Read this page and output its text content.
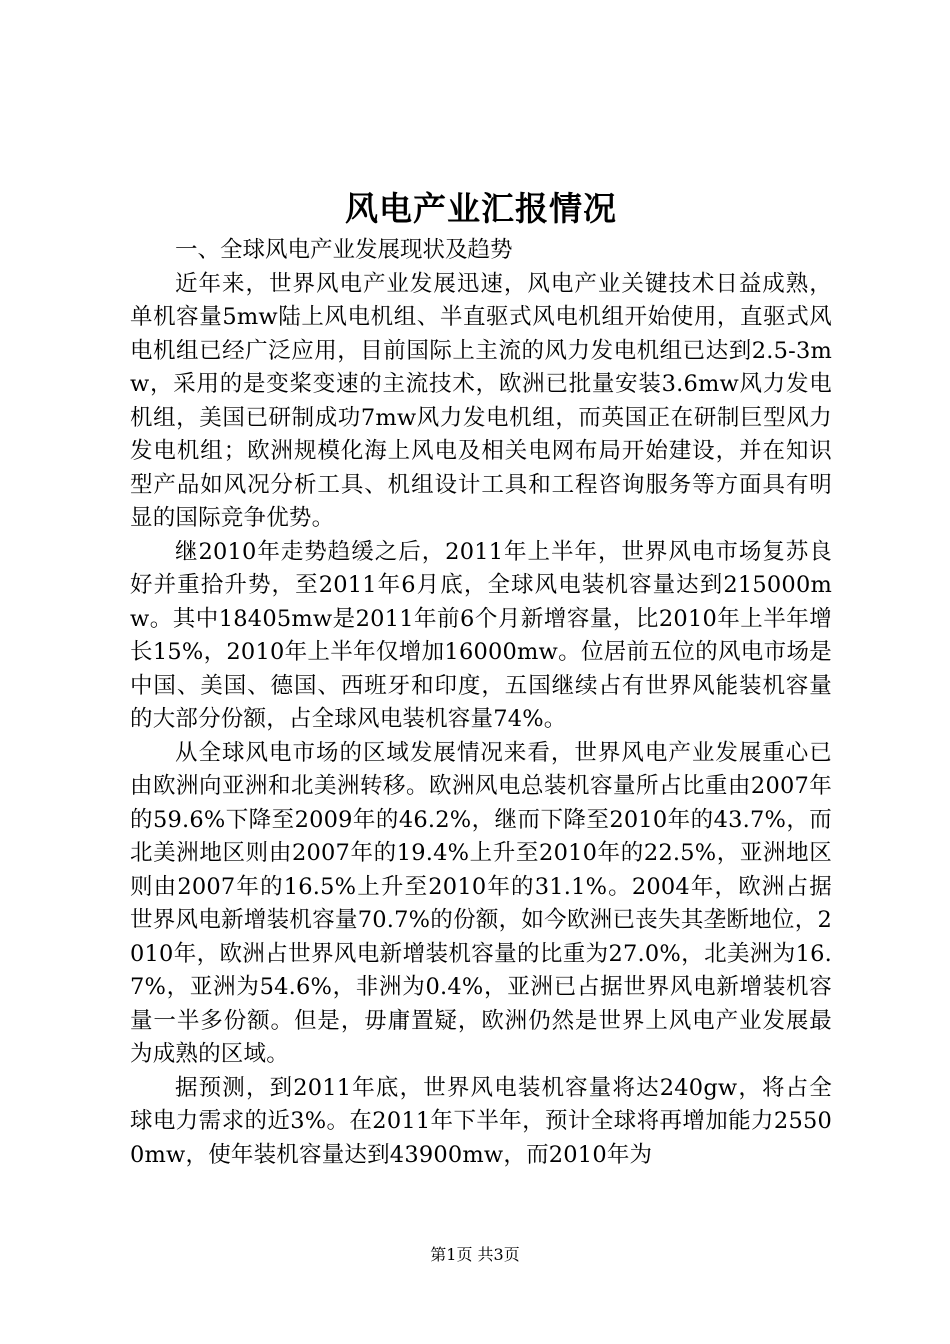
风电产业汇报情况

一、全球风电产业发展现状及趋势

近年来，世界风电产业发展迅速，风电产业关键技术日益成熟，单机容量5mw陆上风电机组、半直驱式风电机组开始使用，直驱式风电机组已经广泛应用，目前国际上主流的风力发电机组已达到2.5-3mw，采用的是变桨变速的主流技术，欧洲已批量安装3.6mw风力发电机组，美国已研制成功7mw风力发电机组，而英国正在研制巨型风力发电机组；欧洲规模化海上风电及相关电网布局开始建设，并在知识型产品如风况分析工具、机组设计工具和工程咨询服务等方面具有明显的国际竞争优势。

继2010年走势趋缓之后，2011年上半年，世界风电市场复苏良好并重拾升势，至2011年6月底，全球风电装机容量达到215000mw。其中18405mw是2011年前6个月新增容量，比2010年上半年增长15%，2010年上半年仅增加16000mw。位居前五位的风电市场是中国、美国、德国、西班牙和印度，五国继续占有世界风能装机容量的大部分份额，占全球风电装机容量74%。

从全球风电市场的区域发展情况来看，世界风电产业发展重心已由欧洲向亚洲和北美洲转移。欧洲风电总装机容量所占比重由2007年的59.6%下降至2009年的46.2%，继而下降至2010年的43.7%，而北美洲地区则由2007年的19.4%上升至2010年的22.5%，亚洲地区则由2007年的16.5%上升至2010年的31.1%。2004年，欧洲占据世界风电新增装机容量70.7%的份额，如今欧洲已丧失其垄断地位，2010年，欧洲占世界风电新增装机容量的比重为27.0%，北美洲为16.7%，亚洲为54.6%，非洲为0.4%，亚洲已占据世界风电新增装机容量一半多份额。但是，毋庸置疑，欧洲仍然是世界上风电产业发展最为成熟的区域。

据预测，到2011年底，世界风电装机容量将达240gw，将占全球电力需求的近3%。在2011年下半年，预计全球将再增加能力25500mw，使年装机容量达到43900mw，而2010年为

第1页 共3页
